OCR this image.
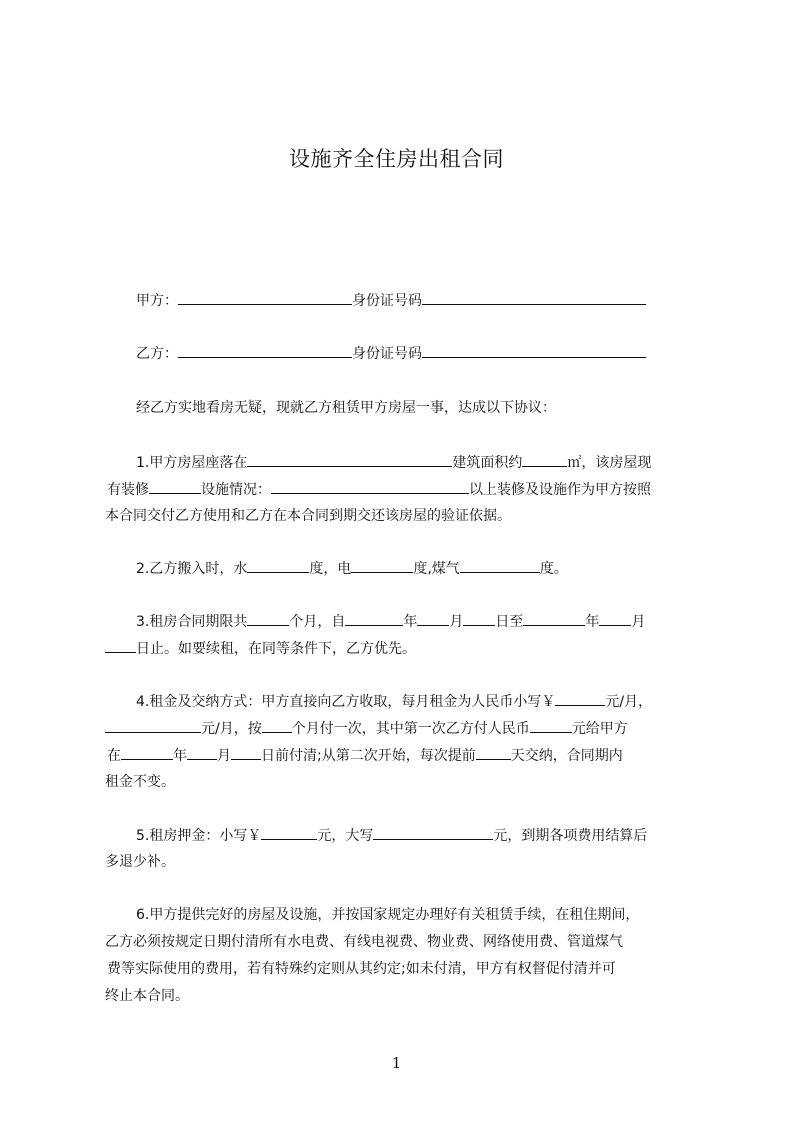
设施齐全住房出租合同

甲方：	身份证号码

乙方：	身份证号码

经乙方实地看房无疑，现就乙方租赁甲方房屋一事，达成以下协议：

1.甲方房屋座落在	建筑面积约	㎡，该房屋现

有装修	设施情况：	以上装修及设施作为甲方按照

本合同交付乙方使用和乙方在本合同到期交还该房屋的验证依据。

2.乙方搬入时，水	度，电	度,煤气	度。

3.租房合同期限共	个月，自	年 月 日至	年 月

日止。如要续租，在同等条件下，乙方优先。

4.租金及交纳方式：甲方直接向乙方收取，每月租金为人民币小写￥	元/月，

元/月，按 个月付一次，其中第一次乙方付人民币	元给甲方

在	年 月 日前付清;从第二次开始，每次提前	天交纳，合同期内

租金不变。

5.租房押金：小写￥	元，大写	元，到期各项费用结算后

多退少补。

6.甲方提供完好的房屋及设施，并按国家规定办理好有关租赁手续，在租住期间，

乙方必须按规定日期付清所有水电费、有线电视费、物业费、网络使用费、管道煤气

费等实际使用的费用，若有特殊约定则从其约定;如未付清，甲方有权督促付清并可

终止本合同。

1
